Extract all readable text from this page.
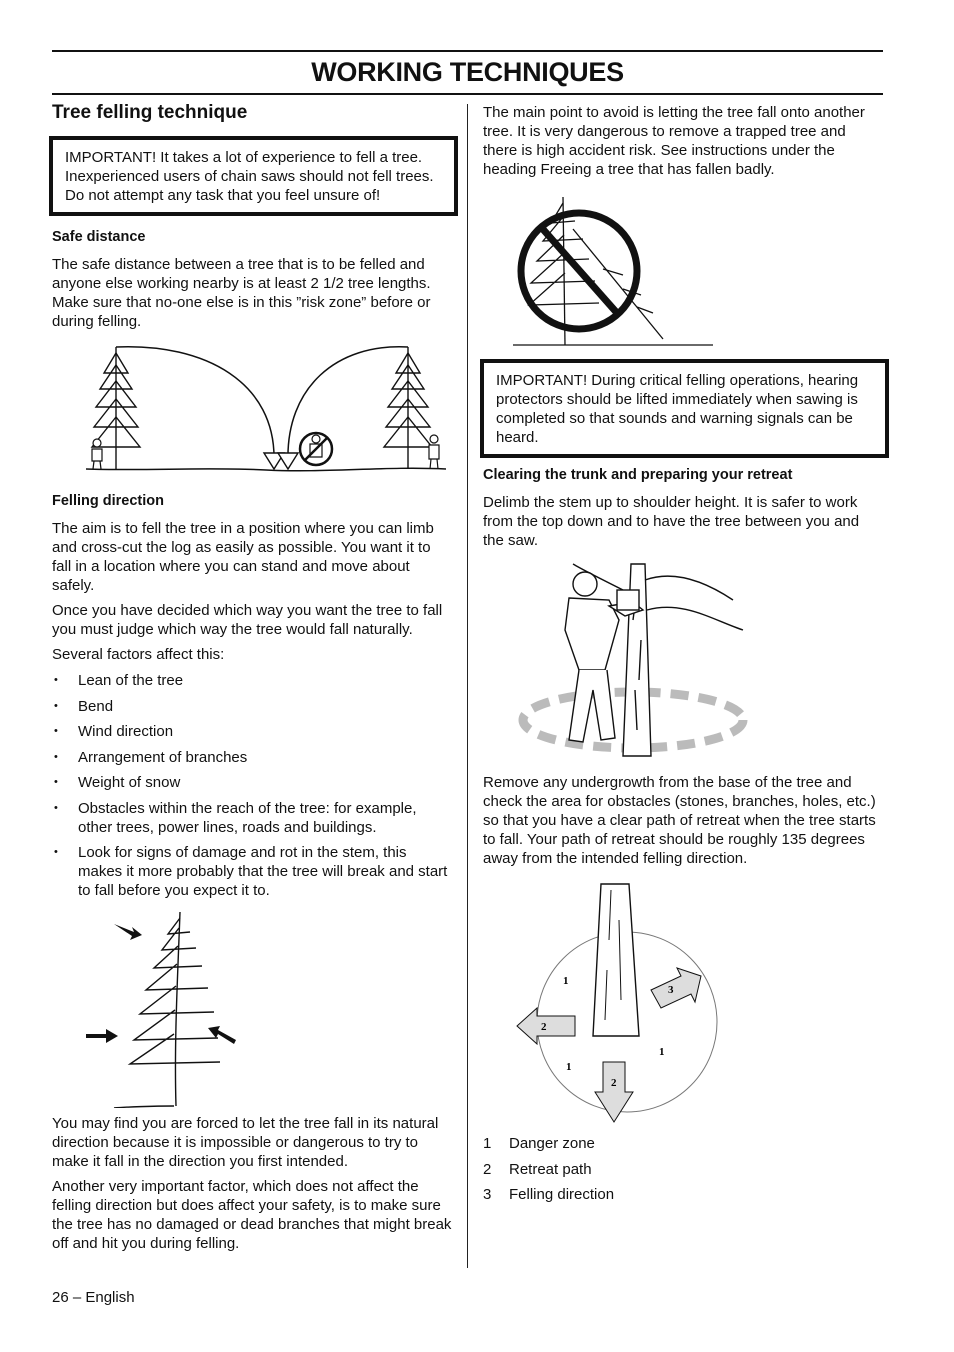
WORKING TECHNIQUES
Tree felling technique

IMPORTANT! It takes a lot of experience to fell a tree. Inexperienced users of chain saws should not fell trees. Do not attempt any task that you feel unsure of!

Safe distance

The safe distance between a tree that is to be felled and anyone else working nearby is at least 2 1/2 tree lengths. Make sure that no-one else is in this ”risk zone” before or during felling.

Felling direction

The aim is to fell the tree in a position where you can limb and cross-cut the log as easily as possible. You want it to fall in a location where you can stand and move about safely.

Once you have decided which way you want the tree to fall you must judge which way the tree would fall naturally.

Several factors affect this:

• Lean of the tree
• Bend
• Wind direction
• Arrangement of branches
• Weight of snow
• Obstacles within the reach of the tree: for example, other trees, power lines, roads and buildings.
• Look for signs of damage and rot in the stem, this makes it more probably that the tree will break and start to fall before you expect it to.

You may find you are forced to let the tree fall in its natural direction because it is impossible or dangerous to try to make it fall in the direction you first intended.

Another very important factor, which does not affect the felling direction but does affect your safety, is to make sure the tree has no damaged or dead branches that might break off and hit you during felling.

The main point to avoid is letting the tree fall onto another tree. It is very dangerous to remove a trapped tree and there is high accident risk. See instructions under the heading Freeing a tree that has fallen badly.

IMPORTANT! During critical felling operations, hearing protectors should be lifted immediately when sawing is completed so that sounds and warning signals can be heard.

Clearing the trunk and preparing your retreat

Delimb the stem up to shoulder height. It is safer to work from the top down and to have the tree between you and the saw.

Remove any undergrowth from the base of the tree and check the area for obstacles (stones, branches, holes, etc.) so that you have a clear path of retreat when the tree starts to fall. Your path of retreat should be roughly 135 degrees away from the intended felling direction.

1
1
1
2
2
3
1 Danger zone
2 Retreat path
3 Felling direction
26 – English
